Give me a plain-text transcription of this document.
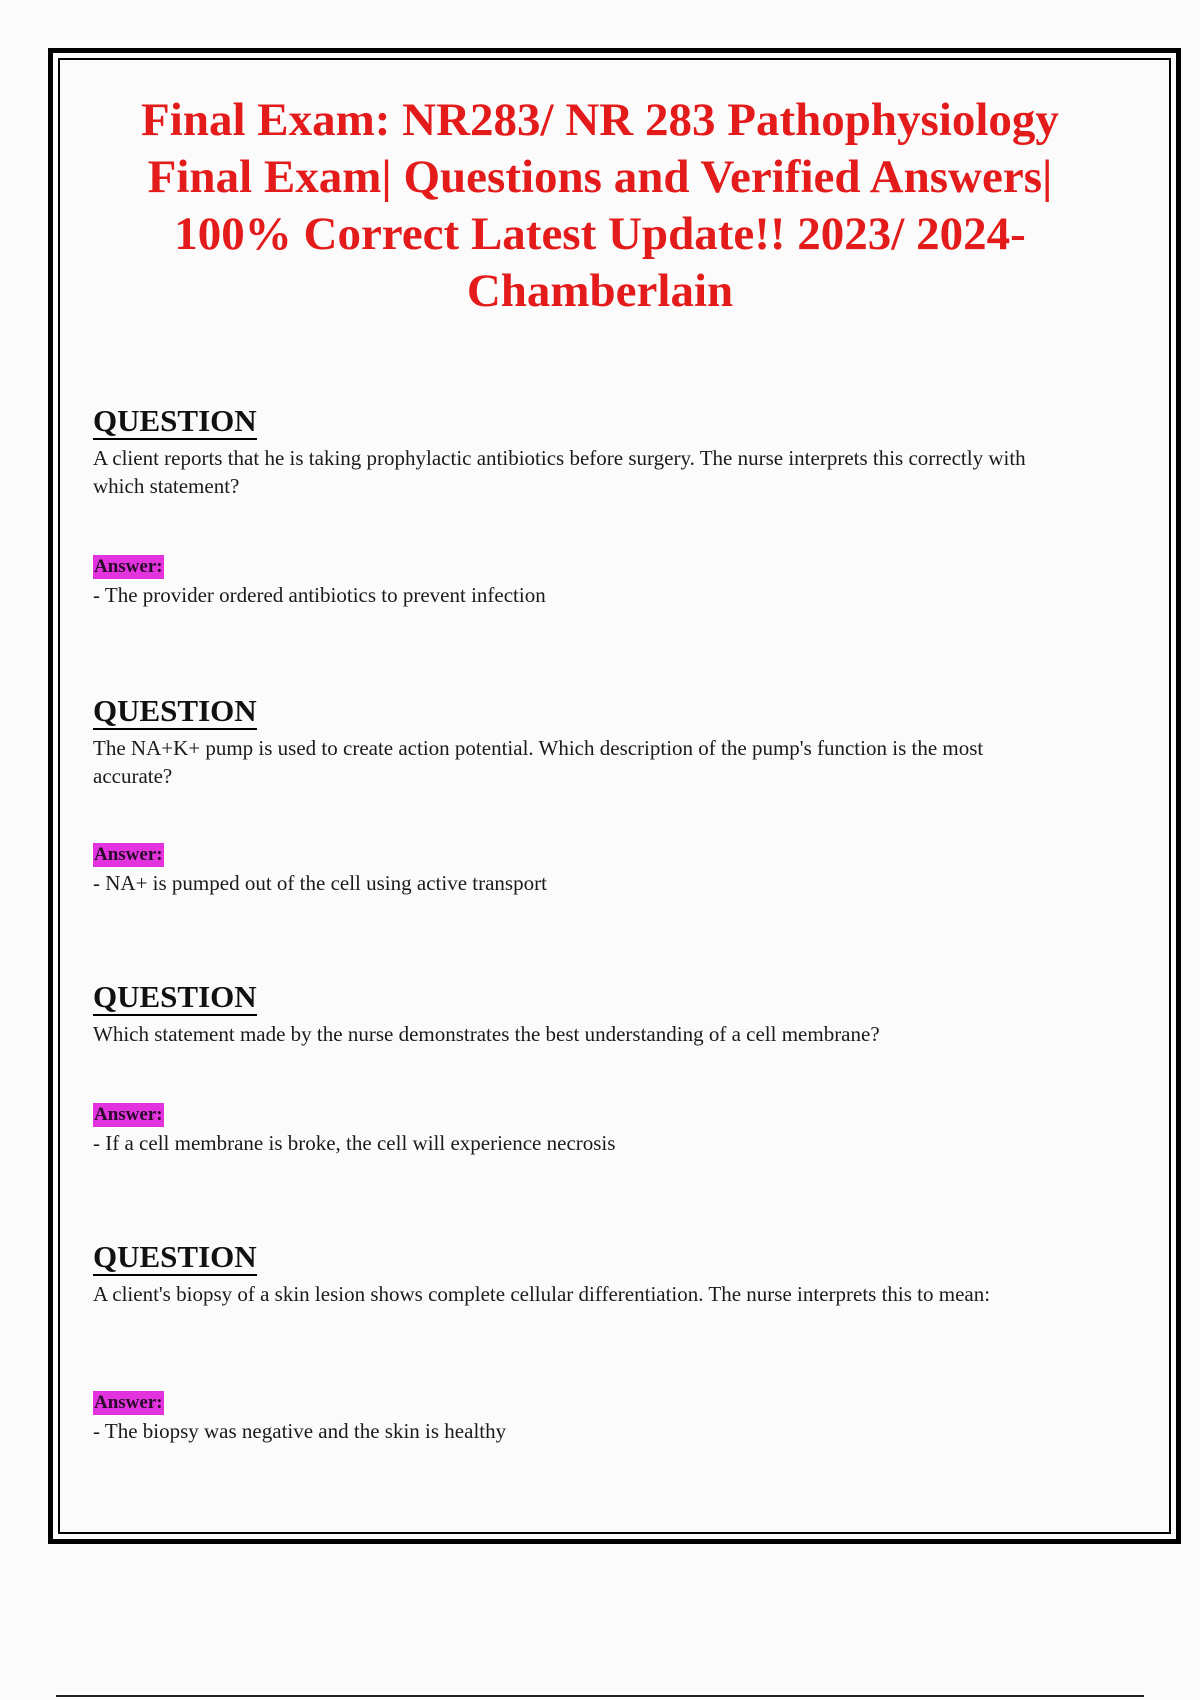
Final Exam: NR283/ NR 283 Pathophysiology Final Exam| Questions and Verified Answers| 100% Correct Latest Update!! 2023/ 2024- Chamberlain
QUESTION

A client reports that he is taking prophylactic antibiotics before surgery. The nurse interprets this correctly with which statement?

Answer:

- The provider ordered antibiotics to prevent infection

QUESTION

The NA+K+ pump is used to create action potential. Which description of the pump's function is the most accurate?

Answer:

- NA+ is pumped out of the cell using active transport

QUESTION

Which statement made by the nurse demonstrates the best understanding of a cell membrane?

Answer:

- If a cell membrane is broke, the cell will experience necrosis

QUESTION

A client's biopsy of a skin lesion shows complete cellular differentiation. The nurse interprets this to mean:

Answer:

- The biopsy was negative and the skin is healthy
